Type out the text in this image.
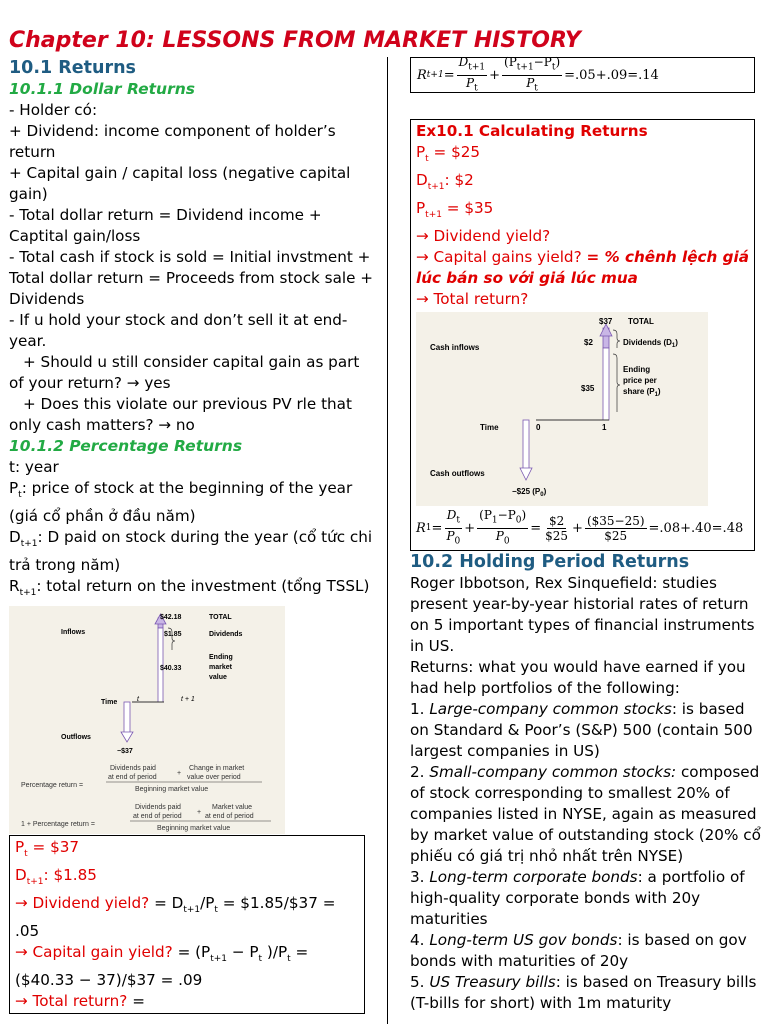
Chapter 10: LESSONS FROM MARKET HISTORY
10.1 Returns
10.1.1 Dollar Returns
- Holder có:
+ Dividend: income component of holder’s return
+ Capital gain / capital loss (negative capital gain)
- Total dollar return = Dividend income + Captital gain/loss
- Total cash if stock is sold = Initial invstment + Total dollar return = Proceeds from stock sale + Dividends
- If u hold your stock and don’t sell it at end-year.
+ Should u still consider capital gain as part of your return? → yes
+ Does this violate our previous PV rle that only cash matters? → no
10.1.2 Percentage Returns
t: year
$P_t$: price of stock at the beginning of the year (giá cổ phần ở đầu năm)
$D_{t+1}$: D paid on stock during the year (cổ tức chi trả trong năm)
$R_{t+1}$: total return on the investment (tổng TSSL)
$42.18	TOTAL
$1.85	Dividends
$40.33
Ending
market
value
Inflows
Time	t	t + 1
Outflows
−$37
Percentage return =
Dividends paid
at end of period
+
Change in market
value over period
Beginning market value
1 + Percentage return =
Dividends paid
at end of period
+
Market value
at end of period
Beginning market value
$P_t$ = $37
$D_{t+1}$: $1.85
→ Dividend yield? = $D_{t+1}/P_t$ = $1.85/$37 = .05
→ Capital gain yield? = ($P_{t+1} - P_t$ )$/P_t$ = ($40.33 − 37)/$37 = .09
→ Total return? =
R $t+1 = \frac{D_{t+1}}{P_t} + \frac{(P_{t+1}-P_t)}{P_t} =.05+.09=.14$
Ex10.1 Calculating Returns
$P_t$ = $25
$D_{t+1}$: $2
$P_{t+1}$ = $35
→ Dividend yield?
→ Capital gains yield? = % chênh lệch giá lúc bán so với giá lúc mua
→ Total return?
$37 TOTAL
$2	Dividends $(D_1)$
Cash inflows
$35
Ending
price per
share $(P_1)$
Time	0	1
Cash outflows
−$25 $(P_0)$
R $1 = \frac{D_t}{P_0} + \frac{(P_1-P_0)}{P_0} = \frac{\$2}{\$25} + \frac{(\$35-25)}{\$25} =.08+.40=.48$
10.2 Holding Period Returns
Roger Ibbotson, Rex Sinquefield: studies present year-by-year historial rates of return on 5 important types of financial instruments in US.
Returns: what you would have earned if you had help portfolios of the following:
1. Large-company common stocks: is based on Standard & Poor’s (S&P) 500 (contain 500 largest companies in US)
2. Small-company common stocks: composed of stock corresponding to smallest 20% of companies listed in NYSE, again as measured by market value of outstanding stock (20% cổ phiếu có giá trị nhỏ nhất trên NYSE)
3. Long-term corporate bonds: a portfolio of high-quality corporate bonds with 20y maturities
4. Long-term US gov bonds: is based on gov bonds with maturities of 20y
5. US Treasury bills: is based on Treasury bills (T-bills for short) with 1m maturity
